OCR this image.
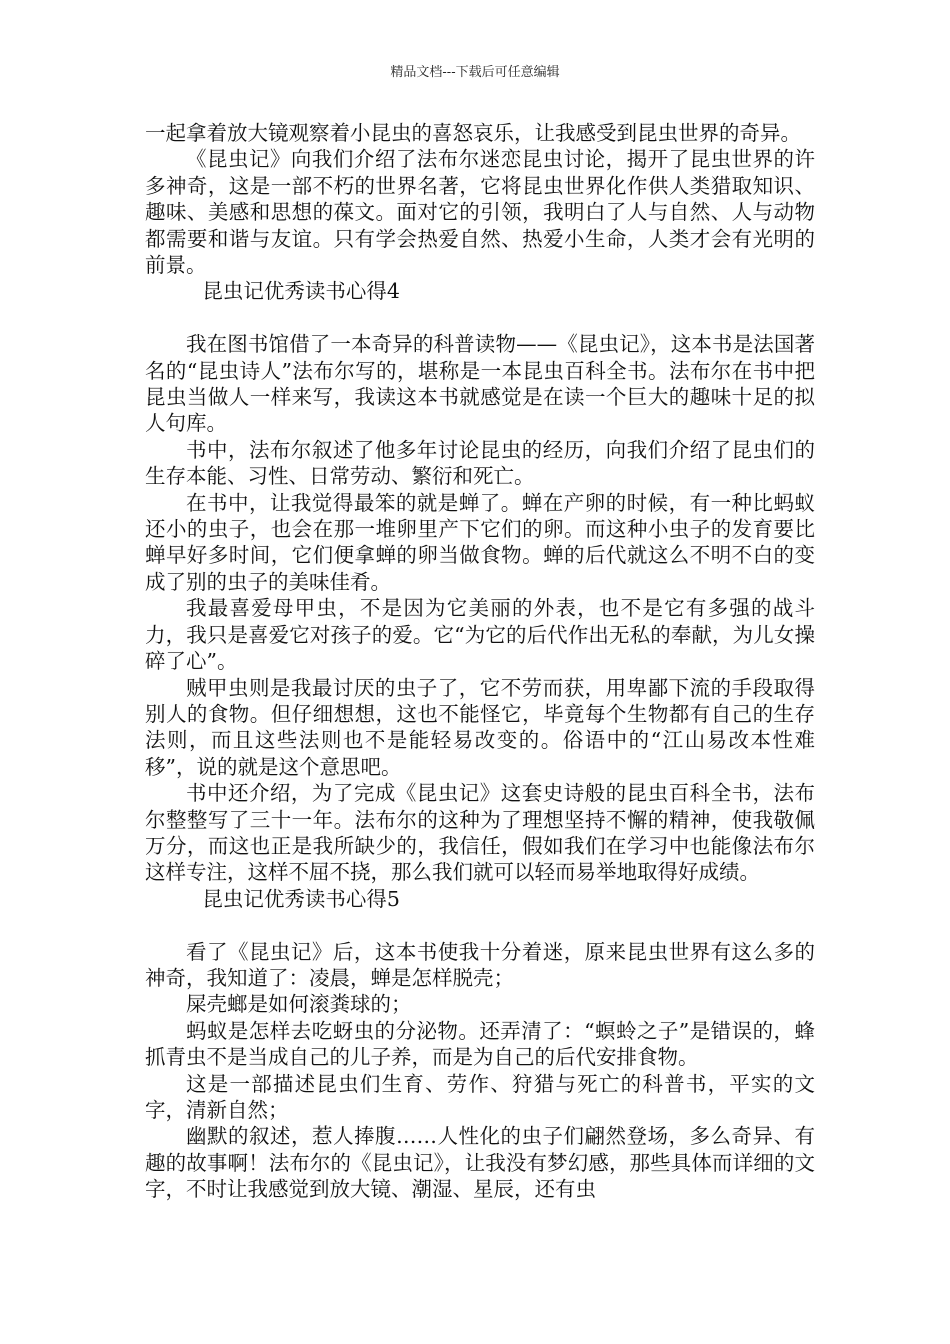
精品文档---下载后可任意编辑

一起拿着放大镜观察着小昆虫的喜怒哀乐，让我感受到昆虫世界的奇异。

《昆虫记》向我们介绍了法布尔迷恋昆虫讨论，揭开了昆虫世界的许多神奇，这是一部不朽的世界名著，它将昆虫世界化作供人类猎取知识、趣味、美感和思想的葆文。面对它的引领，我明白了人与自然、人与动物都需要和谐与友谊。只有学会热爱自然、热爱小生命，人类才会有光明的前景。

昆虫记优秀读书心得4

我在图书馆借了一本奇异的科普读物——《昆虫记》，这本书是法国著名的“昆虫诗人”法布尔写的，堪称是一本昆虫百科全书。法布尔在书中把昆虫当做人一样来写，我读这本书就感觉是在读一个巨大的趣味十足的拟人句库。

书中，法布尔叙述了他多年讨论昆虫的经历，向我们介绍了昆虫们的生存本能、习性、日常劳动、繁衍和死亡。

在书中，让我觉得最笨的就是蝉了。蝉在产卵的时候，有一种比蚂蚁还小的虫子，也会在那一堆卵里产下它们的卵。而这种小虫子的发育要比蝉早好多时间，它们便拿蝉的卵当做食物。蝉的后代就这么不明不白的变成了别的虫子的美味佳肴。

我最喜爱母甲虫，不是因为它美丽的外表，也不是它有多强的战斗力，我只是喜爱它对孩子的爱。它“为它的后代作出无私的奉献，为儿女操碎了心”。

贼甲虫则是我最讨厌的虫子了，它不劳而获，用卑鄙下流的手段取得别人的食物。但仔细想想，这也不能怪它，毕竟每个生物都有自己的生存法则，而且这些法则也不是能轻易改变的。俗语中的“江山易改本性难移”，说的就是这个意思吧。

书中还介绍，为了完成《昆虫记》这套史诗般的昆虫百科全书，法布尔整整写了三十一年。法布尔的这种为了理想坚持不懈的精神，使我敬佩万分，而这也正是我所缺少的，我信任，假如我们在学习中也能像法布尔这样专注，这样不屈不挠，那么我们就可以轻而易举地取得好成绩。

昆虫记优秀读书心得5

看了《昆虫记》后，这本书使我十分着迷，原来昆虫世界有这么多的神奇，我知道了：凌晨，蝉是怎样脱壳；

屎壳螂是如何滚粪球的；

蚂蚁是怎样去吃蚜虫的分泌物。还弄清了：“螟蛉之子”是错误的，蜂抓青虫不是当成自己的儿子养，而是为自己的后代安排食物。

这是一部描述昆虫们生育、劳作、狩猎与死亡的科普书，平实的文字，清新自然；

幽默的叙述，惹人捧腹……人性化的虫子们翩然登场，多么奇异、有趣的故事啊！法布尔的《昆虫记》，让我没有梦幻感，那些具体而详细的文字，不时让我感觉到放大镜、潮湿、星辰，还有虫
